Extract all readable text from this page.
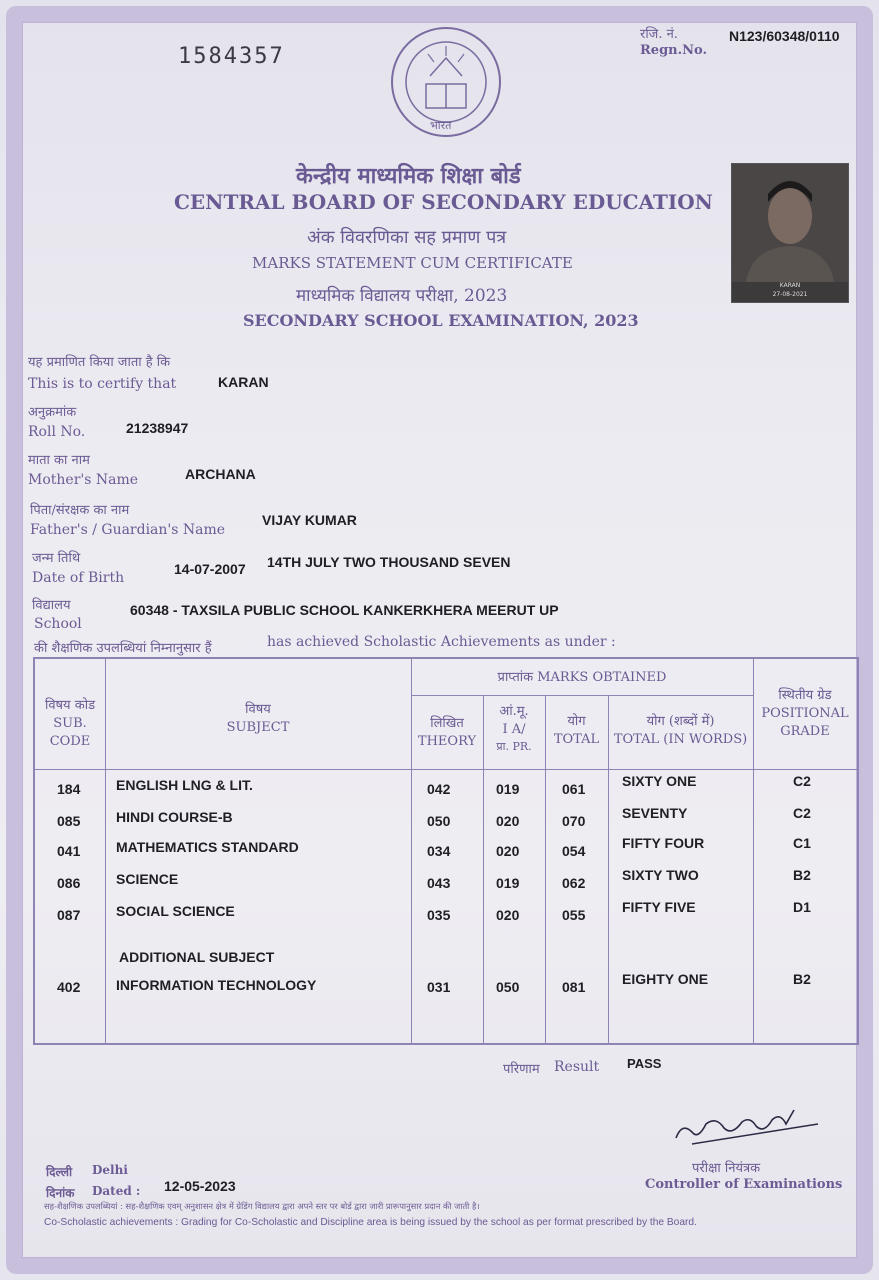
1584357
रजि. नं.
Regn.No.
N123/60348/0110
भारत
KARAN
27-08-2021
केन्द्रीय माध्यमिक शिक्षा बोर्ड
CENTRAL BOARD OF SECONDARY EDUCATION
अंक विवरणिका सह प्रमाण पत्र
MARKS STATEMENT CUM CERTIFICATE
माध्यमिक विद्यालय परीक्षा, 2023
SECONDARY SCHOOL EXAMINATION, 2023
यह प्रमाणित किया जाता है कि
This is to certify that	KARAN
अनुक्रमांक
Roll No.	21238947
माता का नाम
Mother's Name	ARCHANA
पिता/संरक्षक का नाम
Father's / Guardian's Name
VIJAY KUMAR
जन्म तिथि
Date of Birth
14-07-2007 14TH JULY TWO THOUSAND SEVEN
विद्यालय
School
60348 - TAXSILA PUBLIC SCHOOL KANKERKHERA MEERUT UP
की शैक्षणिक उपलब्धियां निम्नानुसार हैं	has achieved Scholastic Achievements as under :
विषय कोड
SUB.
CODE
विषय
SUBJECT
प्राप्तांक MARKS OBTAINED
लिखित
THEORY
आं.मू.
I A/
प्रा. PR.
योग
TOTAL
योग (शब्दों में)
TOTAL (IN WORDS)
स्थितीय ग्रेड
POSITIONAL
GRADE
184	ENGLISH LNG & LIT.	042	019	061	SIXTY ONE	C2
085	HINDI COURSE-B	050	020	070	SEVENTY	C2
041	MATHEMATICS STANDARD	034	020	054	FIFTY FOUR	C1
086	SCIENCE	043	019	062	SIXTY TWO	B2
087	SOCIAL SCIENCE	035	020	055	FIFTY FIVE	D1
402	INFORMATION TECHNOLOGY	031	050	081	EIGHTY ONE	B2
ADDITIONAL SUBJECT
परिणाम Result PASS
परीक्षा नियंत्रक
Controller of Examinations
दिल्ली Delhi
दिनांक Dated : 12-05-2023
सह-शैक्षणिक उपलब्धियां : सह-शैक्षणिक एवम् अनुशासन क्षेत्र में ग्रेडिंग विद्यालय द्वारा अपने स्तर पर बोर्ड द्वारा जारी प्रारूपानुसार प्रदान की जाती है।
Co-Scholastic achievements : Grading for Co-Scholastic and Discipline area is being issued by the school as per format prescribed by the Board.
